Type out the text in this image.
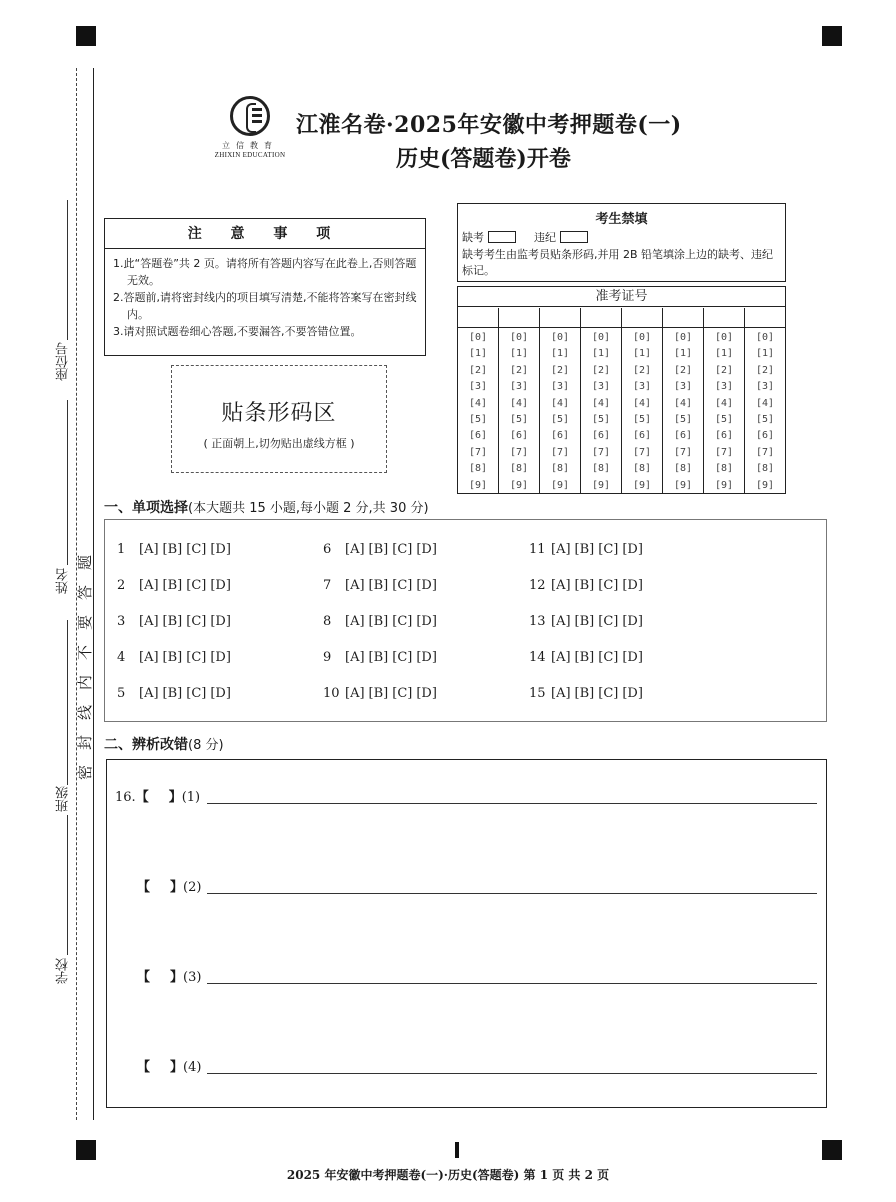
座位号
姓名
班级
学校
密
封
线
内
不
要
答
题
立信教育
ZHIXIN EDUCATION
江淮名卷·2025年安徽中考押题卷(一)
历史(答题卷)开卷
注 意 事 项

1.此“答题卷”共 2 页。请将所有答题内容写在此卷上,否则答题无效。

2.答题前,请将密封线内的项目填写清楚,不能将答案写在密封线内。

3.请对照试题卷细心答题,不要漏答,不要答错位置。

贴条形码区
( 正面朝上,切勿贴出虚线方框 )
考生禁填
缺考	违纪
缺考考生由监考员贴条形码,并用 2B 铅笔填涂上边的缺考、违纪标记。
准考证号
[0]
[1]
[2]
[3]
[4]
[5]
[6]
[7]
[8]
[9]
[0]
[1]
[2]
[3]
[4]
[5]
[6]
[7]
[8]
[9]
[0]
[1]
[2]
[3]
[4]
[5]
[6]
[7]
[8]
[9]
[0]
[1]
[2]
[3]
[4]
[5]
[6]
[7]
[8]
[9]
[0]
[1]
[2]
[3]
[4]
[5]
[6]
[7]
[8]
[9]
[0]
[1]
[2]
[3]
[4]
[5]
[6]
[7]
[8]
[9]
[0]
[1]
[2]
[3]
[4]
[5]
[6]
[7]
[8]
[9]
[0]
[1]
[2]
[3]
[4]
[5]
[6]
[7]
[8]
[9]
一、单项选择(本大题共 15 小题,每小题 2 分,共 30 分)
1 [A] [B] [C] [D]
2 [A] [B] [C] [D]
3 [A] [B] [C] [D]
4 [A] [B] [C] [D]
5 [A] [B] [C] [D]
6 [A] [B] [C] [D]
7 [A] [B] [C] [D]
8 [A] [B] [C] [D]
9 [A] [B] [C] [D]
10 [A] [B] [C] [D]
11 [A] [B] [C] [D]
12 [A] [B] [C] [D]
13 [A] [B] [C] [D]
14 [A] [B] [C] [D]
15 [A] [B] [C] [D]
二、辨析改错(8 分)
16. 【 】 (1)
【 】 (2)
【 】 (3)
【 】 (4)
2025 年安徽中考押题卷(一)·历史(答题卷) 第 1 页 共 2 页
